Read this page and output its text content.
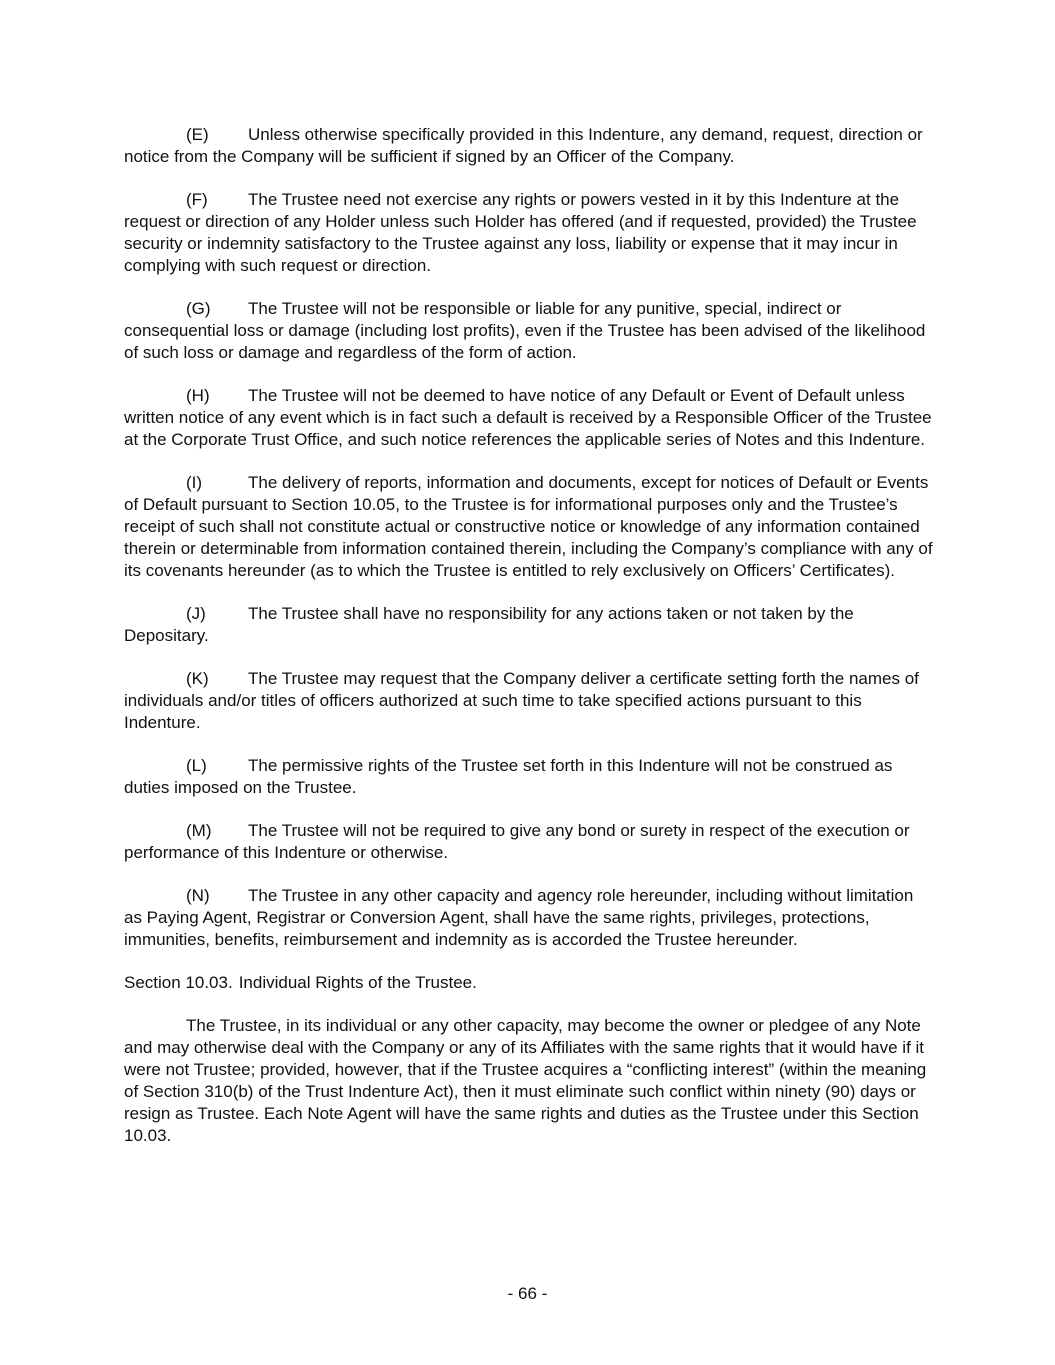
(E) Unless otherwise specifically provided in this Indenture, any demand, request, direction or notice from the Company will be sufficient if signed by an Officer of the Company.

(F) The Trustee need not exercise any rights or powers vested in it by this Indenture at the request or direction of any Holder unless such Holder has offered (and if requested, provided) the Trustee security or indemnity satisfactory to the Trustee against any loss, liability or expense that it may incur in complying with such request or direction.

(G) The Trustee will not be responsible or liable for any punitive, special, indirect or consequential loss or damage (including lost profits), even if the Trustee has been advised of the likelihood of such loss or damage and regardless of the form of action.

(H) The Trustee will not be deemed to have notice of any Default or Event of Default unless written notice of any event which is in fact such a default is received by a Responsible Officer of the Trustee at the Corporate Trust Office, and such notice references the applicable series of Notes and this Indenture.

(I)	The delivery of reports, information and documents, except for notices of Default or Events of Default pursuant to Section 10.05, to the Trustee is for informational purposes only and the Trustee’s receipt of such shall not constitute actual or constructive notice or knowledge of any information contained therein or determinable from information contained therein, including the Company’s compliance with any of its covenants hereunder (as to which the Trustee is entitled to rely exclusively on Officers’ Certificates).

(J) The Trustee shall have no responsibility for any actions taken or not taken by the Depositary.

(K) The Trustee may request that the Company deliver a certificate setting forth the names of individuals and/or titles of officers authorized at such time to take specified actions pursuant to this Indenture.

(L) The permissive rights of the Trustee set forth in this Indenture will not be construed as duties imposed on the Trustee.

(M) The Trustee will not be required to give any bond or surety in respect of the execution or performance of this Indenture or otherwise.

(N) The Trustee in any other capacity and agency role hereunder, including without limitation as Paying Agent, Registrar or Conversion Agent, shall have the same rights, privileges, protections, immunities, benefits, reimbursement and indemnity as is accorded the Trustee hereunder.

Section 10.03. Individual Rights of the Trustee.

The Trustee, in its individual or any other capacity, may become the owner or pledgee of any Note and may otherwise deal with the Company or any of its Affiliates with the same rights that it would have if it were not Trustee; provided, however, that if the Trustee acquires a “conflicting interest” (within the meaning of Section 310(b) of the Trust Indenture Act), then it must eliminate such conflict within ninety (90) days or resign as Trustee. Each Note Agent will have the same rights and duties as the Trustee under this Section 10.03.

- 66 -
